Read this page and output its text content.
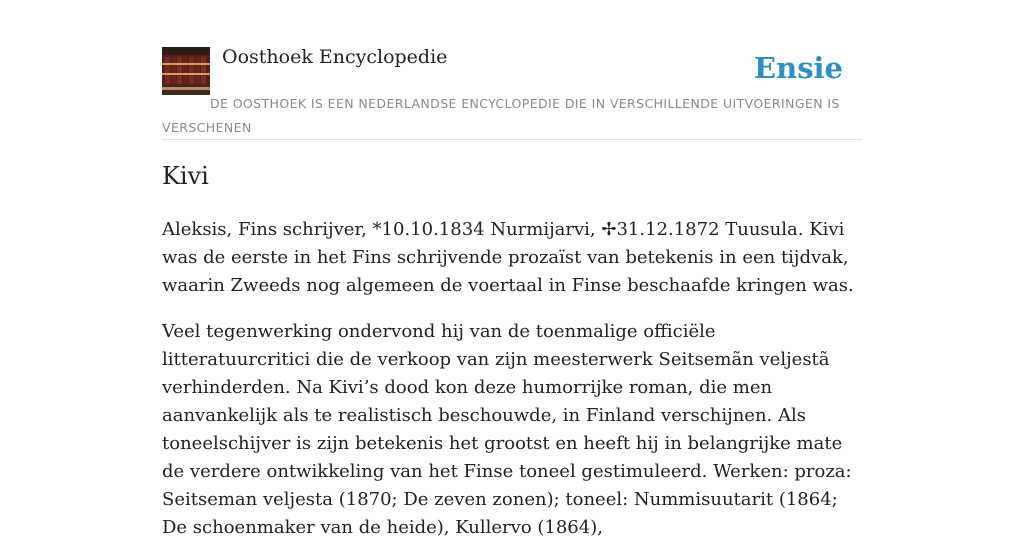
Oosthoek Encyclopedie	Ensie
DE OOSTHOEK IS EEN NEDERLANDSE ENCYCLOPEDIE DIE IN VERSCHILLENDE UITVOERINGEN IS VERSCHENEN
Kivi

Aleksis, Fins schrijver, *10.10.1834 Nurmijarvi, ✢31.12.1872 Tuusula. Kivi was de eerste in het Fins schrijvende prozaïst van betekenis in een tijdvak, waarin Zweeds nog algemeen de voertaal in Finse beschaafde kringen was.

Veel tegenwerking ondervond hij van de toenmalige officiële litteratuurcritici die de verkoop van zijn meesterwerk Seitsemãn veljestã verhinderden. Na Kivi’s dood kon deze humorrijke roman, die men aanvankelijk als te realistisch beschouwde, in Finland verschijnen. Als toneelschijver is zijn betekenis het grootst en heeft hij in belangrijke mate de verdere ontwikkeling van het Finse toneel gestimuleerd. Werken: proza: Seitseman veljesta (1870; De zeven zonen); toneel: Nummisuutarit (1864; De schoenmaker van de heide), Kullervo (1864),
